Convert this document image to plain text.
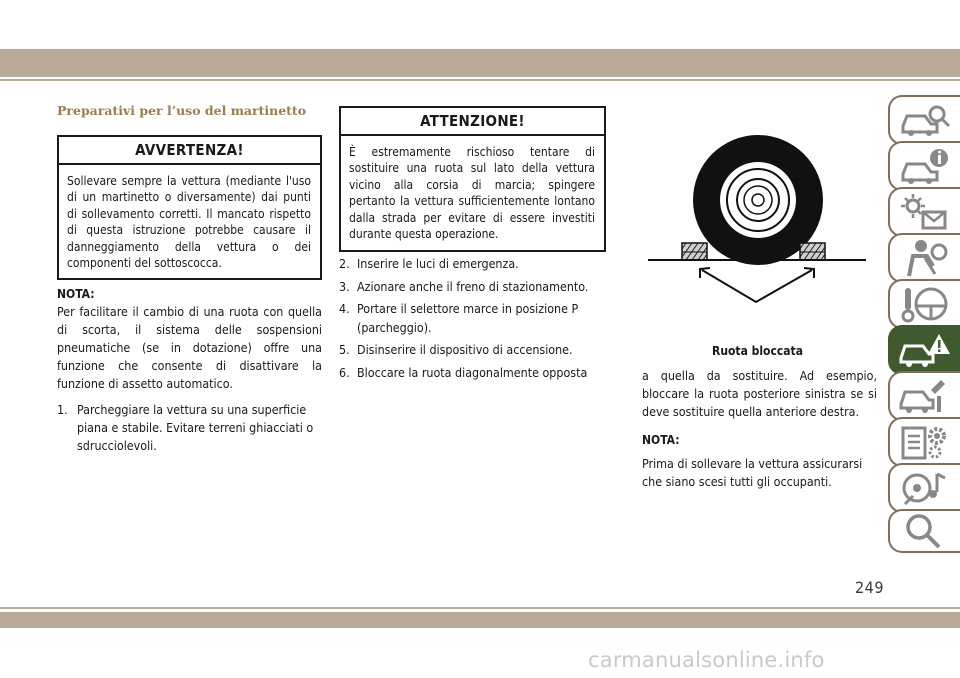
Preparativi per l’uso del martinetto
AVVERTENZA!

Sollevare sempre la vettura (mediante l'uso di un martinetto o diversamente) dai punti di sollevamento corretti. Il mancato rispetto di questa istruzione potrebbe causare il danneggiamento della vettura o dei componenti del sottoscocca.

NOTA:

Per facilitare il cambio di una ruota con quella di scorta, il sistema delle sospensioni pneumatiche (se in dotazione) offre una funzione che consente di disattivare la funzione di assetto automatico.

1. Parcheggiare la vettura su una superficie piana e stabile. Evitare terreni ghiacciati o sdrucciolevoli.
ATTENZIONE!

È estremamente rischioso tentare di sostituire una ruota sul lato della vettura vicino alla corsia di marcia; spingere pertanto la vettura sufficientemente lontano dalla strada per evitare di essere investiti durante questa operazione.

2. Inserire le luci di emergenza.
3. Azionare anche il freno di stazionamento.
4. Portare il selettore marce in posizione P (parcheggio).
5. Disinserire il dispositivo di accensione.
6. Bloccare la ruota diagonalmente opposta
Ruota bloccata

a quella da sostituire. Ad esempio, bloccare la ruota posteriore sinistra se si deve sostituire quella anteriore destra.

NOTA:

Prima di sollevare la vettura assicurarsi che siano scesi tutti gli occupanti.

249
carmanualsonline.info
